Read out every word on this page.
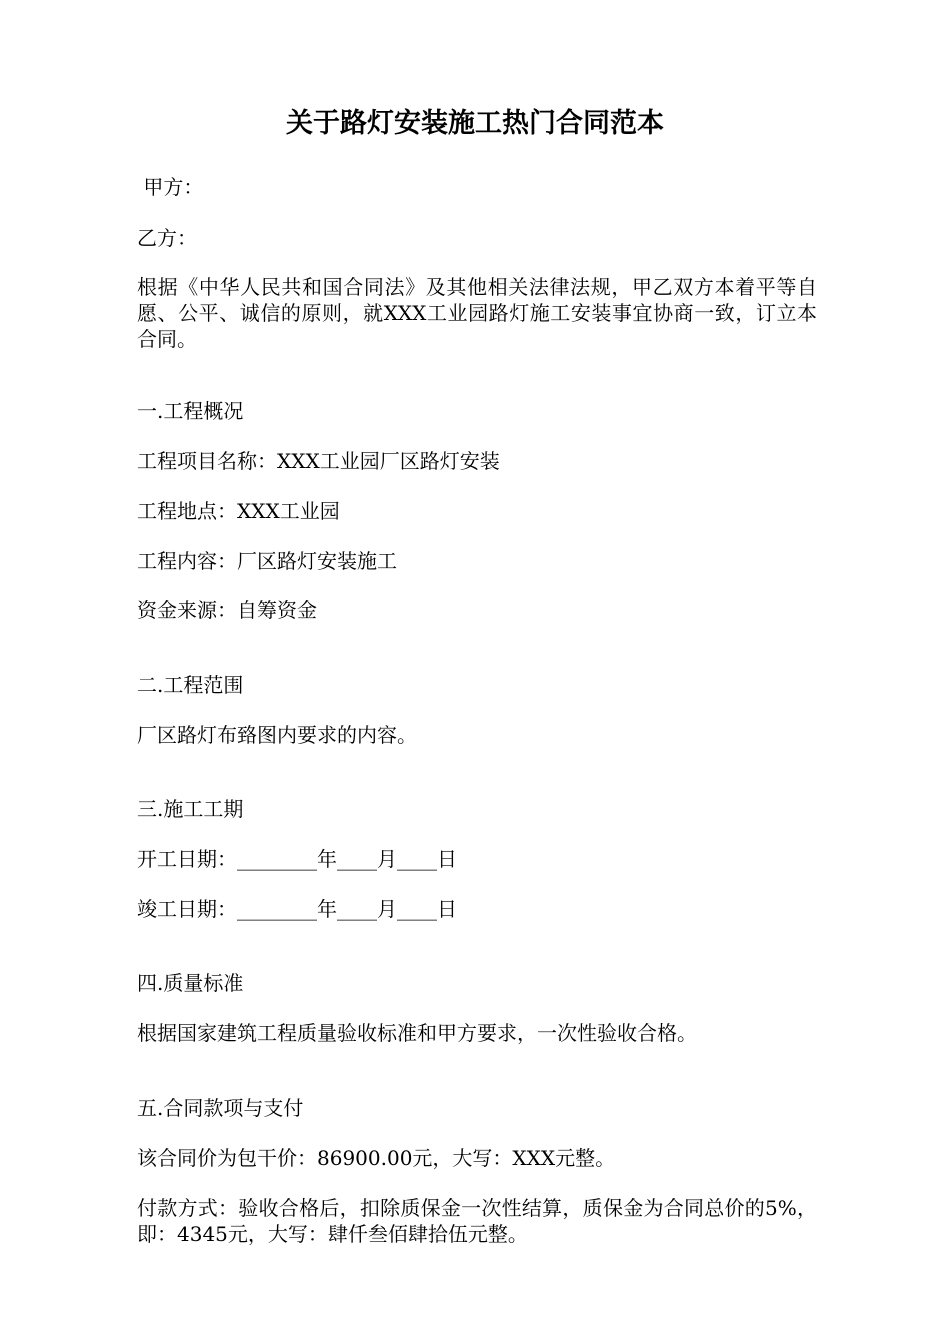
关于路灯安装施工热门合同范本
甲方：
乙方：
根据《中华人民共和国合同法》及其他相关法律法规，甲乙双方本着平等自愿、公平、诚信的原则，就XXX工业园路灯施工安装事宜协商一致，订立本合同。
一.工程概况
工程项目名称：XXX工业园厂区路灯安装
工程地点：XXX工业园
工程内容：厂区路灯安装施工
资金来源：自筹资金
二.工程范围
厂区路灯布臵图内要求的内容。
三.施工工期
开工日期：________年____月____日
竣工日期：________年____月____日
四.质量标准
根据国家建筑工程质量验收标准和甲方要求，一次性验收合格。
五.合同款项与支付
该合同价为包干价：86900.00元，大写：XXX元整。
付款方式：验收合格后，扣除质保金一次性结算，质保金为合同总价的5%，即：4345元，大写：肆仟叁佰肆拾伍元整。
